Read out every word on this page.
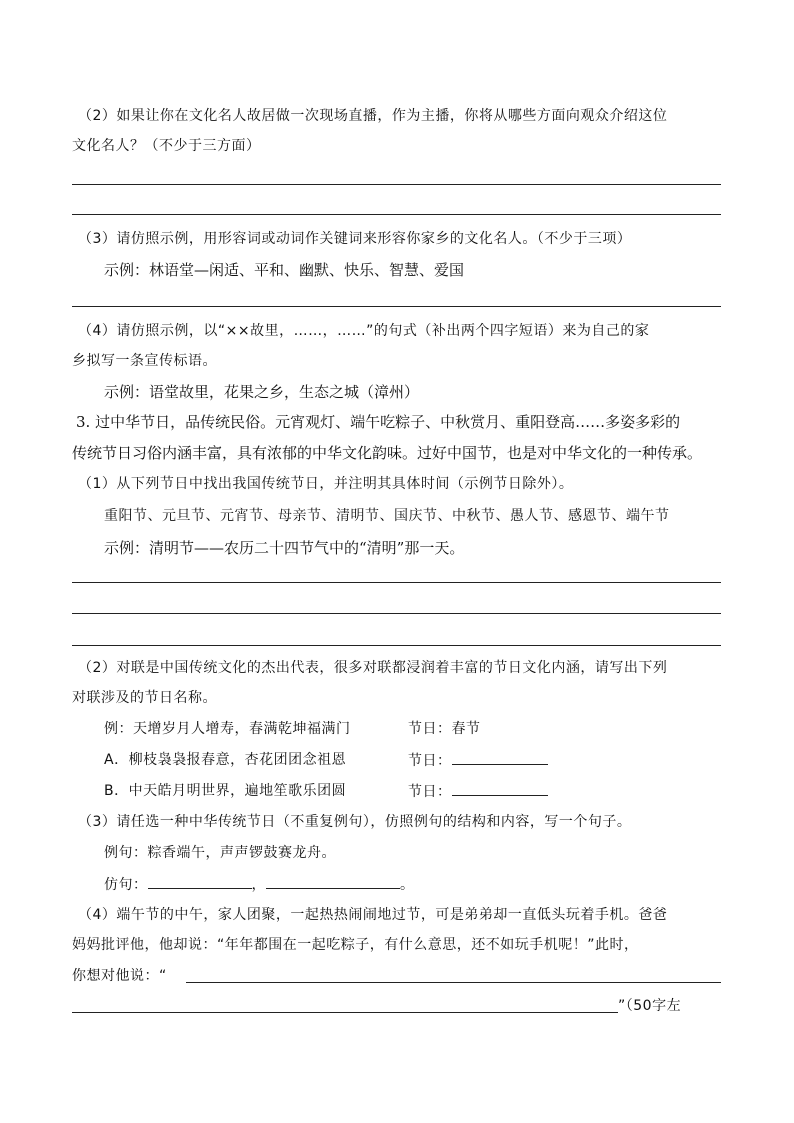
（2）如果让你在文化名人故居做一次现场直播，作为主播，你将从哪些方面向观众介绍这位
文化名人？（不少于三方面）
（3）请仿照示例，用形容词或动词作关键词来形容你家乡的文化名人。（不少于三项）
示例：林语堂—闲适、平和、幽默、快乐、智慧、爱国
（4）请仿照示例，以“××故里，……，……”的句式（补出两个四字短语）来为自己的家
乡拟写一条宣传标语。
示例：语堂故里，花果之乡，生态之城（漳州）
3. 过中华节日，品传统民俗。元宵观灯、端午吃粽子、中秋赏月、重阳登高……多姿多彩的
传统节日习俗内涵丰富，具有浓郁的中华文化韵味。过好中国节，也是对中华文化的一种传承。
（1）从下列节日中找出我国传统节日，并注明其具体时间（示例节日除外）。
重阳节、元旦节、元宵节、母亲节、清明节、国庆节、中秋节、愚人节、感恩节、端午节
示例：清明节——农历二十四节气中的“清明”那一天。
（2）对联是中国传统文化的杰出代表，很多对联都浸润着丰富的节日文化内涵，请写出下列
对联涉及的节日名称。
例：天增岁月人增寿，春满乾坤福满门	节日：春节
A．柳枝袅袅报春意，杏花团团念祖恩	节日：
B．中天皓月明世界，遍地笙歌乐团圆	节日：
（3）请任选一种中华传统节日（不重复例句），仿照例句的结构和内容，写一个句子。
例句：粽香端午，声声锣鼓赛龙舟。
仿句：	，	。
（4）端午节的中午，家人团聚，一起热热闹闹地过节，可是弟弟却一直低头玩着手机。爸爸
妈妈批评他，他却说：“年年都围在一起吃粽子，有什么意思，还不如玩手机呢！”此时，
你想对他说：“
”（50字左
